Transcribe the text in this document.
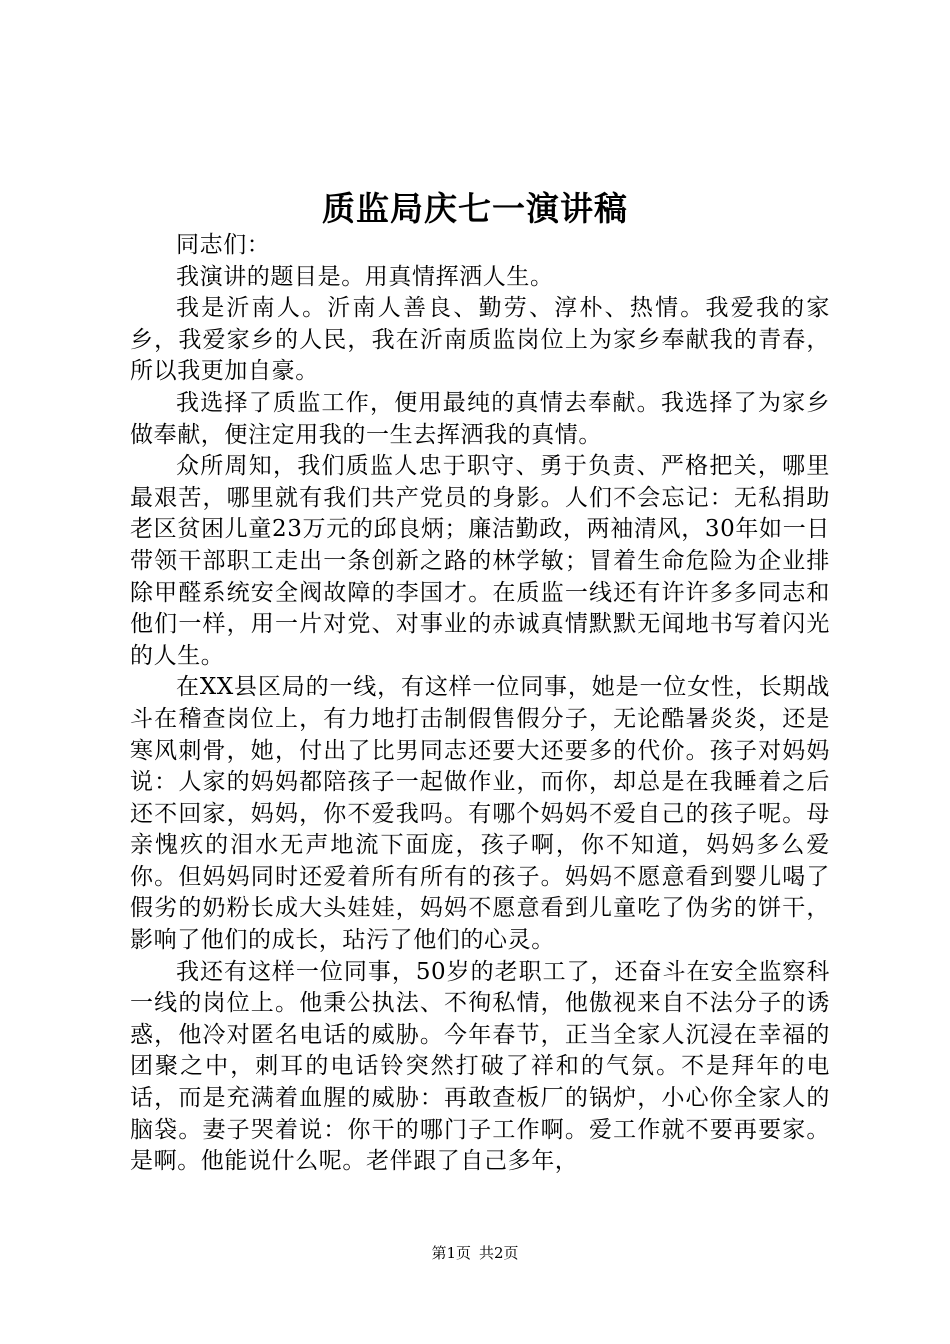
质监局庆七一演讲稿

同志们：

我演讲的题目是。用真情挥洒人生。

我是沂南人。沂南人善良、勤劳、淳朴、热情。我爱我的家乡，我爱家乡的人民，我在沂南质监岗位上为家乡奉献我的青春，所以我更加自豪。

我选择了质监工作，便用最纯的真情去奉献。我选择了为家乡做奉献，便注定用我的一生去挥洒我的真情。

众所周知，我们质监人忠于职守、勇于负责、严格把关，哪里最艰苦，哪里就有我们共产党员的身影。人们不会忘记：无私捐助老区贫困儿童23万元的邱良炳；廉洁勤政，两袖清风，30年如一日带领干部职工走出一条创新之路的林学敏；冒着生命危险为企业排除甲醛系统安全阀故障的李国才。在质监一线还有许许多多同志和他们一样，用一片对党、对事业的赤诚真情默默无闻地书写着闪光的人生。

在XX县区局的一线，有这样一位同事，她是一位女性，长期战斗在稽查岗位上，有力地打击制假售假分子，无论酷暑炎炎，还是寒风刺骨，她，付出了比男同志还要大还要多的代价。孩子对妈妈说：人家的妈妈都陪孩子一起做作业，而你，却总是在我睡着之后还不回家，妈妈，你不爱我吗。有哪个妈妈不爱自己的孩子呢。母亲愧疚的泪水无声地流下面庞，孩子啊，你不知道，妈妈多么爱你。但妈妈同时还爱着所有所有的孩子。妈妈不愿意看到婴儿喝了假劣的奶粉长成大头娃娃，妈妈不愿意看到儿童吃了伪劣的饼干，影响了他们的成长，玷污了他们的心灵。

我还有这样一位同事，50岁的老职工了，还奋斗在安全监察科一线的岗位上。他秉公执法、不徇私情，他傲视来自不法分子的诱惑，他冷对匿名电话的威胁。今年春节，正当全家人沉浸在幸福的团聚之中，刺耳的电话铃突然打破了祥和的气氛。不是拜年的电话，而是充满着血腥的威胁：再敢查板厂的锅炉，小心你全家人的脑袋。妻子哭着说：你干的哪门子工作啊。爱工作就不要再要家。是啊。他能说什么呢。老伴跟了自己多年，

第1页 共2页
